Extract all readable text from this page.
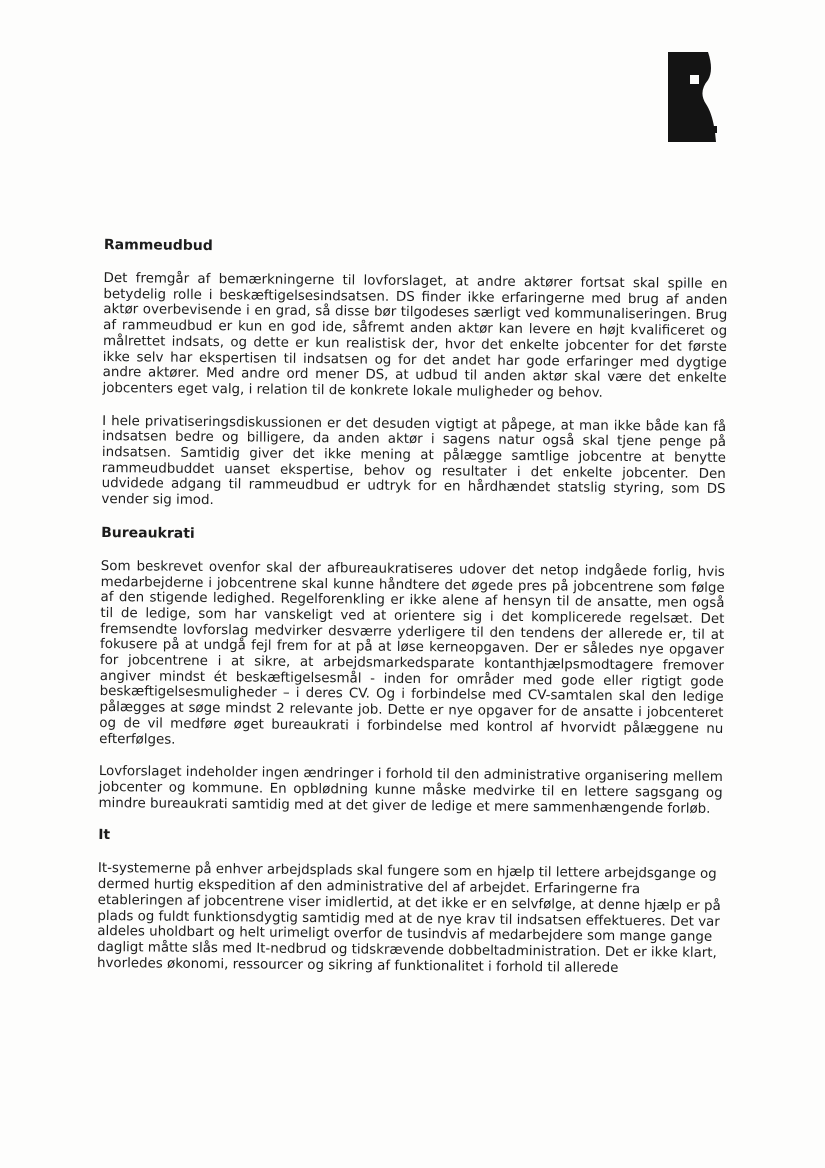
Rammeudbud

Det fremgår af bemærkningerne til lovforslaget, at andre aktører fortsat skal spille en betydelig rolle i beskæftigelsesindsatsen. DS finder ikke erfaringerne med brug af anden aktør overbevisende i en grad, så disse bør tilgodeses særligt ved kommunaliseringen. Brug af rammeudbud er kun en god ide, såfremt anden aktør kan levere en højt kvalificeret og målrettet indsats, og dette er kun realistisk der, hvor det enkelte jobcenter for det første ikke selv har ekspertisen til indsatsen og for det andet har gode erfaringer med dygtige andre aktører. Med andre ord mener DS, at udbud til anden aktør skal være det enkelte jobcenters eget valg, i relation til de konkrete lokale muligheder og behov.

I hele privatiseringsdiskussionen er det desuden vigtigt at påpege, at man ikke både kan få indsatsen bedre og billigere, da anden aktør i sagens natur også skal tjene penge på indsatsen. Samtidig giver det ikke mening at pålægge samtlige jobcentre at benytte rammeudbuddet uanset ekspertise, behov og resultater i det enkelte jobcenter. Den udvidede adgang til rammeudbud er udtryk for en hårdhændet statslig styring, som DS vender sig imod.

Bureaukrati

Som beskrevet ovenfor skal der afbureaukratiseres udover det netop indgåede forlig, hvis medarbejderne i jobcentrene skal kunne håndtere det øgede pres på jobcentrene som følge af den stigende ledighed. Regelforenkling er ikke alene af hensyn til de ansatte, men også til de ledige, som har vanskeligt ved at orientere sig i det komplicerede regelsæt. Det fremsendte lovforslag medvirker desværre yderligere til den tendens der allerede er, til at fokusere på at undgå fejl frem for at på at løse kerneopgaven. Der er således nye opgaver for jobcentrene i at sikre, at arbejdsmarkedsparate kontanthjælpsmodtagere fremover angiver mindst ét beskæftigelsesmål - inden for områder med gode eller rigtigt gode beskæftigelsesmuligheder – i deres CV. Og i forbindelse med CV-samtalen skal den ledige pålægges at søge mindst 2 relevante job. Dette er nye opgaver for de ansatte i jobcenteret og de vil medføre øget bureaukrati i forbindelse med kontrol af hvorvidt pålæggene nu efterfølges.

Lovforslaget indeholder ingen ændringer i forhold til den administrative organisering mellem jobcenter og kommune. En opblødning kunne måske medvirke til en lettere sagsgang og mindre bureaukrati samtidig med at det giver de ledige et mere sammenhængende forløb.

It

It-systemerne på enhver arbejdsplads skal fungere som en hjælp til lettere arbejdsgange og dermed hurtig ekspedition af den administrative del af arbejdet. Erfaringerne fra etableringen af jobcentrene viser imidlertid, at det ikke er en selvfølge, at denne hjælp er på plads og fuldt funktionsdygtig samtidig med at de nye krav til indsatsen effektueres. Det var aldeles uholdbart og helt urimeligt overfor de tusindvis af medarbejdere som mange gange dagligt måtte slås med It-nedbrud og tidskrævende dobbeltadministration. Det er ikke klart, hvorledes økonomi, ressourcer og sikring af funktionalitet i forhold til allerede
